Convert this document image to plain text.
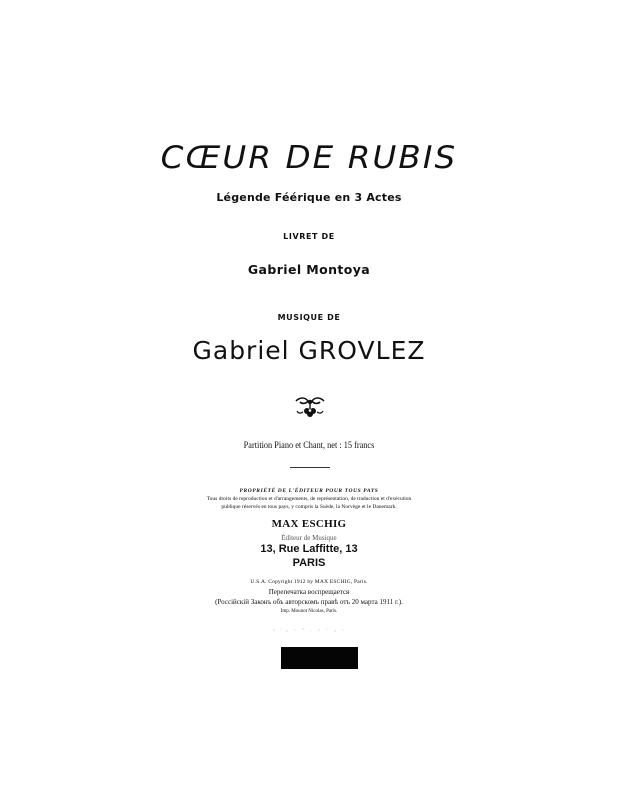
CŒUR DE RUBIS
Légende Féérique en 3 Actes
LIVRET DE
Gabriel Montoya
MUSIQUE DE
Gabriel GROVLEZ
Partition Piano et Chant, net : 15 francs
PROPRIÉTÉ DE L'ÉDITEUR POUR TOUS PAYS
Tous droits de reproduction et d'arrangements, de représentation, de traduction et d'exécution
publique réservés en tous pays, y compris la Suède, la Norvège et le Danemark.
MAX ESCHIG
Éditeur de Musique
13, Rue Laffitte, 13
PARIS
U.S.A. Copyright 1912 by MAX ESCHIG, Paris.
Перепечатка воспрещается
(Россiйскiй Законъ объ авторскомъ правѣ отъ 20 марта 1911 г.).
Imp. Mounot Nicolas, Paris.
